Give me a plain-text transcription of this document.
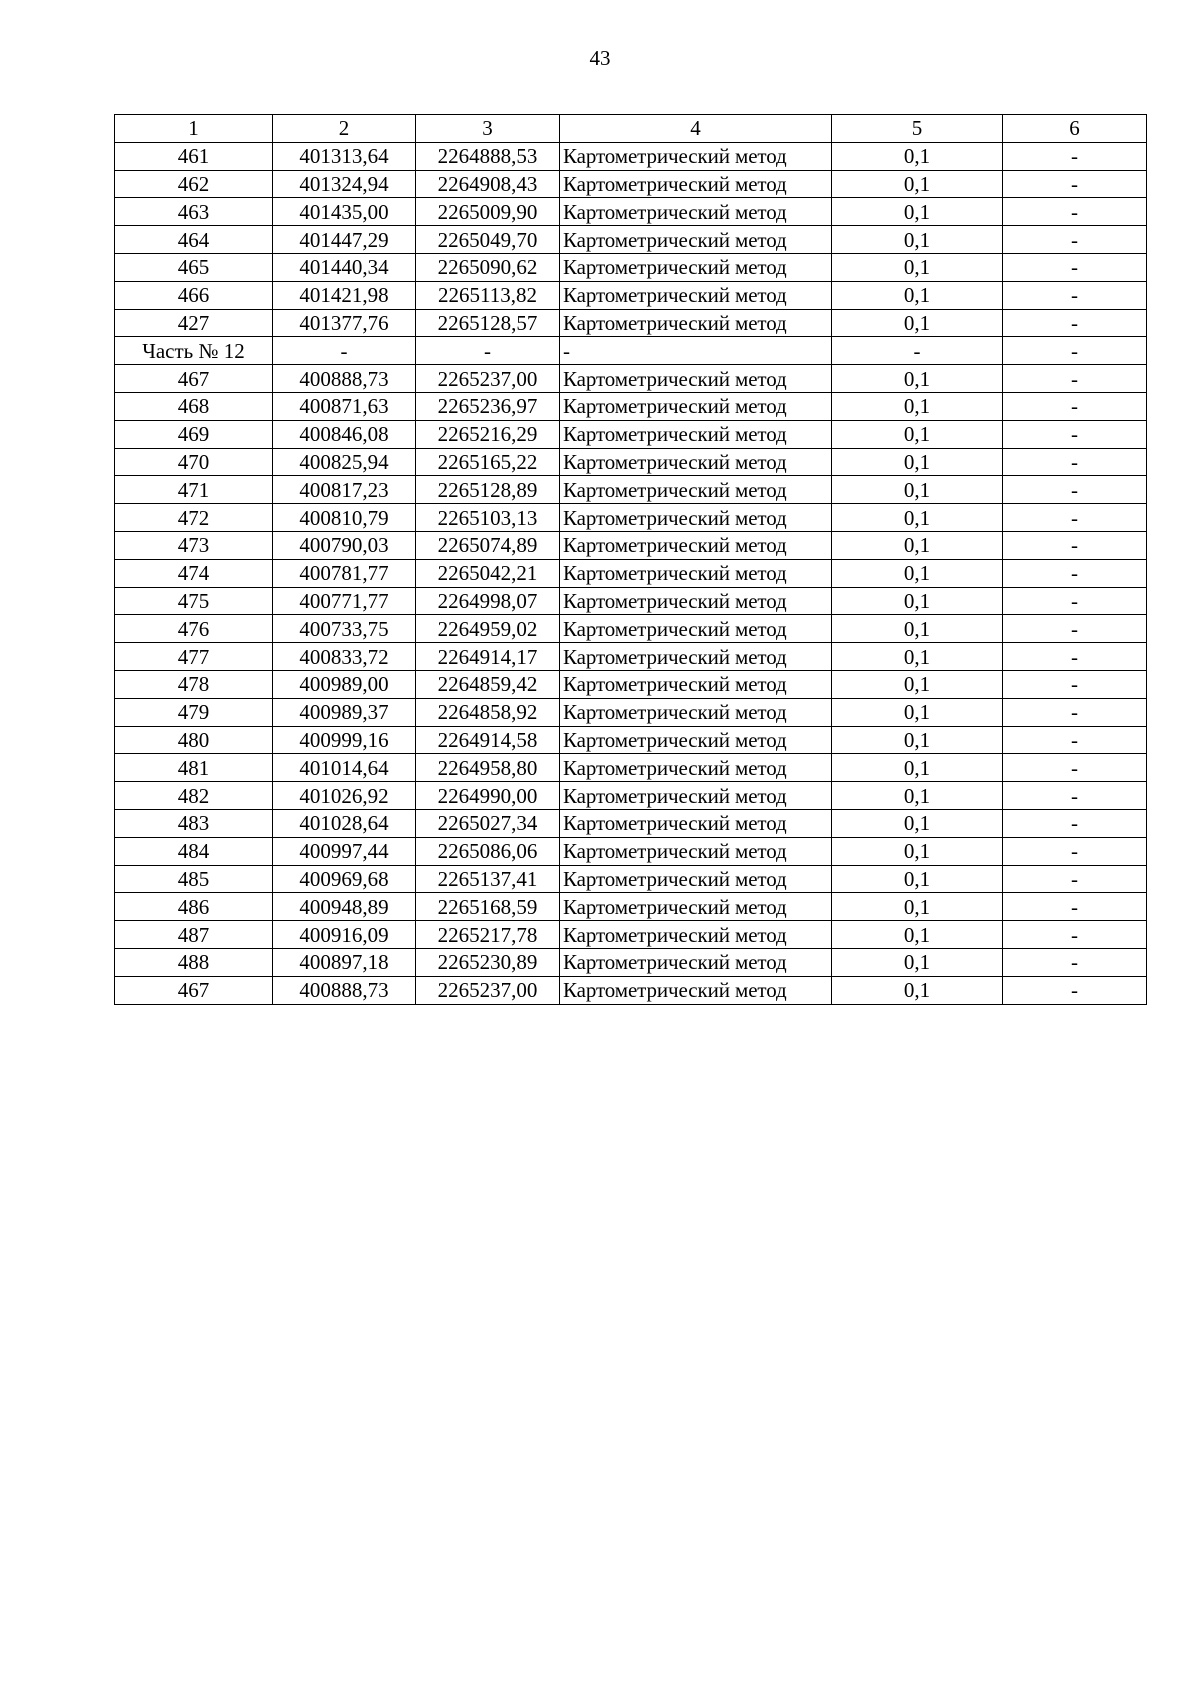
43
1	2	3	4	5	6
461	401313,64	2264888,53	Картометрический метод	0,1	-
462	401324,94	2264908,43	Картометрический метод	0,1	-
463	401435,00	2265009,90	Картометрический метод	0,1	-
464	401447,29	2265049,70	Картометрический метод	0,1	-
465	401440,34	2265090,62	Картометрический метод	0,1	-
466	401421,98	2265113,82	Картометрический метод	0,1	-
427	401377,76	2265128,57	Картометрический метод	0,1	-
Часть № 12	-	-	-	-	-
467	400888,73	2265237,00	Картометрический метод	0,1	-
468	400871,63	2265236,97	Картометрический метод	0,1	-
469	400846,08	2265216,29	Картометрический метод	0,1	-
470	400825,94	2265165,22	Картометрический метод	0,1	-
471	400817,23	2265128,89	Картометрический метод	0,1	-
472	400810,79	2265103,13	Картометрический метод	0,1	-
473	400790,03	2265074,89	Картометрический метод	0,1	-
474	400781,77	2265042,21	Картометрический метод	0,1	-
475	400771,77	2264998,07	Картометрический метод	0,1	-
476	400733,75	2264959,02	Картометрический метод	0,1	-
477	400833,72	2264914,17	Картометрический метод	0,1	-
478	400989,00	2264859,42	Картометрический метод	0,1	-
479	400989,37	2264858,92	Картометрический метод	0,1	-
480	400999,16	2264914,58	Картометрический метод	0,1	-
481	401014,64	2264958,80	Картометрический метод	0,1	-
482	401026,92	2264990,00	Картометрический метод	0,1	-
483	401028,64	2265027,34	Картометрический метод	0,1	-
484	400997,44	2265086,06	Картометрический метод	0,1	-
485	400969,68	2265137,41	Картометрический метод	0,1	-
486	400948,89	2265168,59	Картометрический метод	0,1	-
487	400916,09	2265217,78	Картометрический метод	0,1	-
488	400897,18	2265230,89	Картометрический метод	0,1	-
467	400888,73	2265237,00	Картометрический метод	0,1	-
